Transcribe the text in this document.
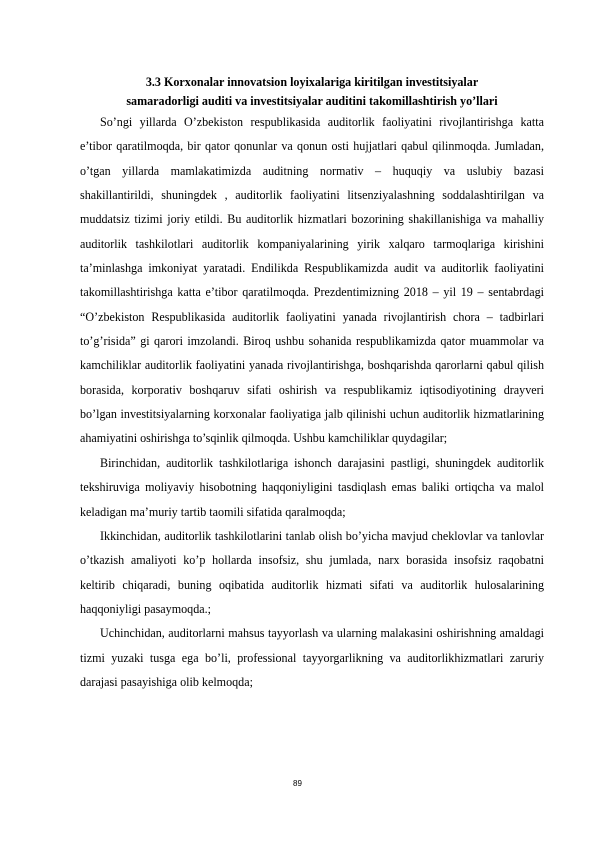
3.3 Korxonalar innovatsion loyixalariga kiritilgan investitsiyalar
samaradorligi auditi va investitsiyalar auditini takomillashtirish yo’llari

So’ngi yillarda O’zbekiston respublikasida auditorlik faoliyatini rivojlantirishga katta e’tibor qaratilmoqda, bir qator qonunlar va qonun osti hujjatlari qabul qilinmoqda. Jumladan, o’tgan yillarda mamlakatimizda auditning normativ – huquqiy va uslubiy bazasi shakillantirildi, shuningdek , auditorlik faoliyatini litsenziyalashning soddalashtirilgan va muddatsiz tizimi joriy etildi. Bu auditorlik hizmatlari bozorining shakillanishiga va mahalliy auditorlik tashkilotlari auditorlik kompaniyalarining yirik xalqaro tarmoqlariga kirishini ta’minlashga imkoniyat yaratadi. Endilikda Respublikamizda audit va auditorlik faoliyatini takomillashtirishga katta e’tibor qaratilmoqda. Prezdentimizning 2018 – yil 19 – sentabrdagi “O’zbekiston Respublikasida auditorlik faoliyatini yanada rivojlantirish chora – tadbirlari to’g’risida” gi qarori imzolandi. Biroq ushbu sohanida respublikamizda qator muammolar va kamchiliklar auditorlik faoliyatini yanada rivojlantirishga, boshqarishda qarorlarni qabul qilish borasida, korporativ boshqaruv sifati oshirish va respublikamiz iqtisodiyotining drayveri bo’lgan investitsiyalarning korxonalar faoliyatiga jalb qilinishi uchun auditorlik hizmatlarining ahamiyatini oshirishga to’sqinlik qilmoqda. Ushbu kamchiliklar quydagilar;

Birinchidan, auditorlik tashkilotlariga ishonch darajasini pastligi, shuningdek auditorlik tekshiruviga moliyaviy hisobotning haqqoniyligini tasdiqlash emas baliki ortiqcha va malol keladigan ma’muriy tartib taomili sifatida qaralmoqda;

Ikkinchidan, auditorlik tashkilotlarini tanlab olish bo’yicha mavjud cheklovlar va tanlovlar o’tkazish amaliyoti ko’p hollarda insofsiz, shu jumlada, narx borasida insofsiz raqobatni keltirib chiqaradi, buning oqibatida auditorlik hizmati sifati va auditorlik hulosalarining haqqoniyligi pasaymoqda.;

Uchinchidan, auditorlarni mahsus tayyorlash va ularning malakasini oshirishning amaldagi tizmi yuzaki tusga ega bo’li, professional tayyorgarlikning va auditorlikhizmatlari zaruriy darajasi pasayishiga olib kelmoqda;

89
